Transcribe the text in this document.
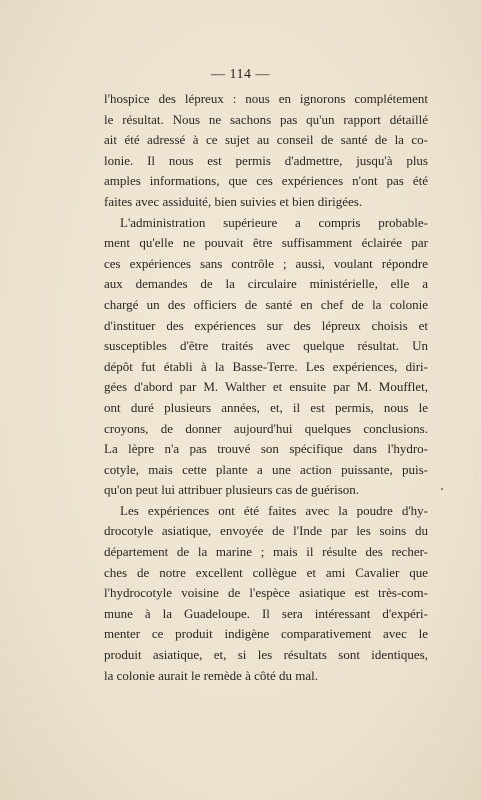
— 114 —
l'hospice des lépreux : nous en ignorons complétement
le résultat. Nous ne sachons pas qu'un rapport détaillé
ait été adressé à ce sujet au conseil de santé de la co-
lonie. Il nous est permis d'admettre, jusqu'à plus
amples informations, que ces expériences n'ont pas été
faites avec assiduité, bien suivies et bien dirigées.
L'administration supérieure a compris probable-
ment qu'elle ne pouvait être suffisamment éclairée par
ces expériences sans contrôle ; aussi, voulant répondre
aux demandes de la circulaire ministérielle, elle a
chargé un des officiers de santé en chef de la colonie
d'instituer des expériences sur des lépreux choisis et
susceptibles d'être traités avec quelque résultat. Un
dépôt fut établi à la Basse-Terre. Les expériences, diri-
gées d'abord par M. Walther et ensuite par M. Moufflet,
ont duré plusieurs années, et, il est permis, nous le
croyons, de donner aujourd'hui quelques conclusions.
La lèpre n'a pas trouvé son spécifique dans l'hydro-
cotyle, mais cette plante a une action puissante, puis-
qu'on peut lui attribuer plusieurs cas de guérison.
Les expériences ont été faites avec la poudre d'hy-
drocotyle asiatique, envoyée de l'Inde par les soins du
département de la marine ; mais il résulte des recher-
ches de notre excellent collègue et ami Cavalier que
l'hydrocotyle voisine de l'espèce asiatique est très-com-
mune à la Guadeloupe. Il sera intéressant d'expéri-
menter ce produit indigène comparativement avec le
produit asiatique, et, si les résultats sont identiques,
la colonie aurait le remède à côté du mal.
